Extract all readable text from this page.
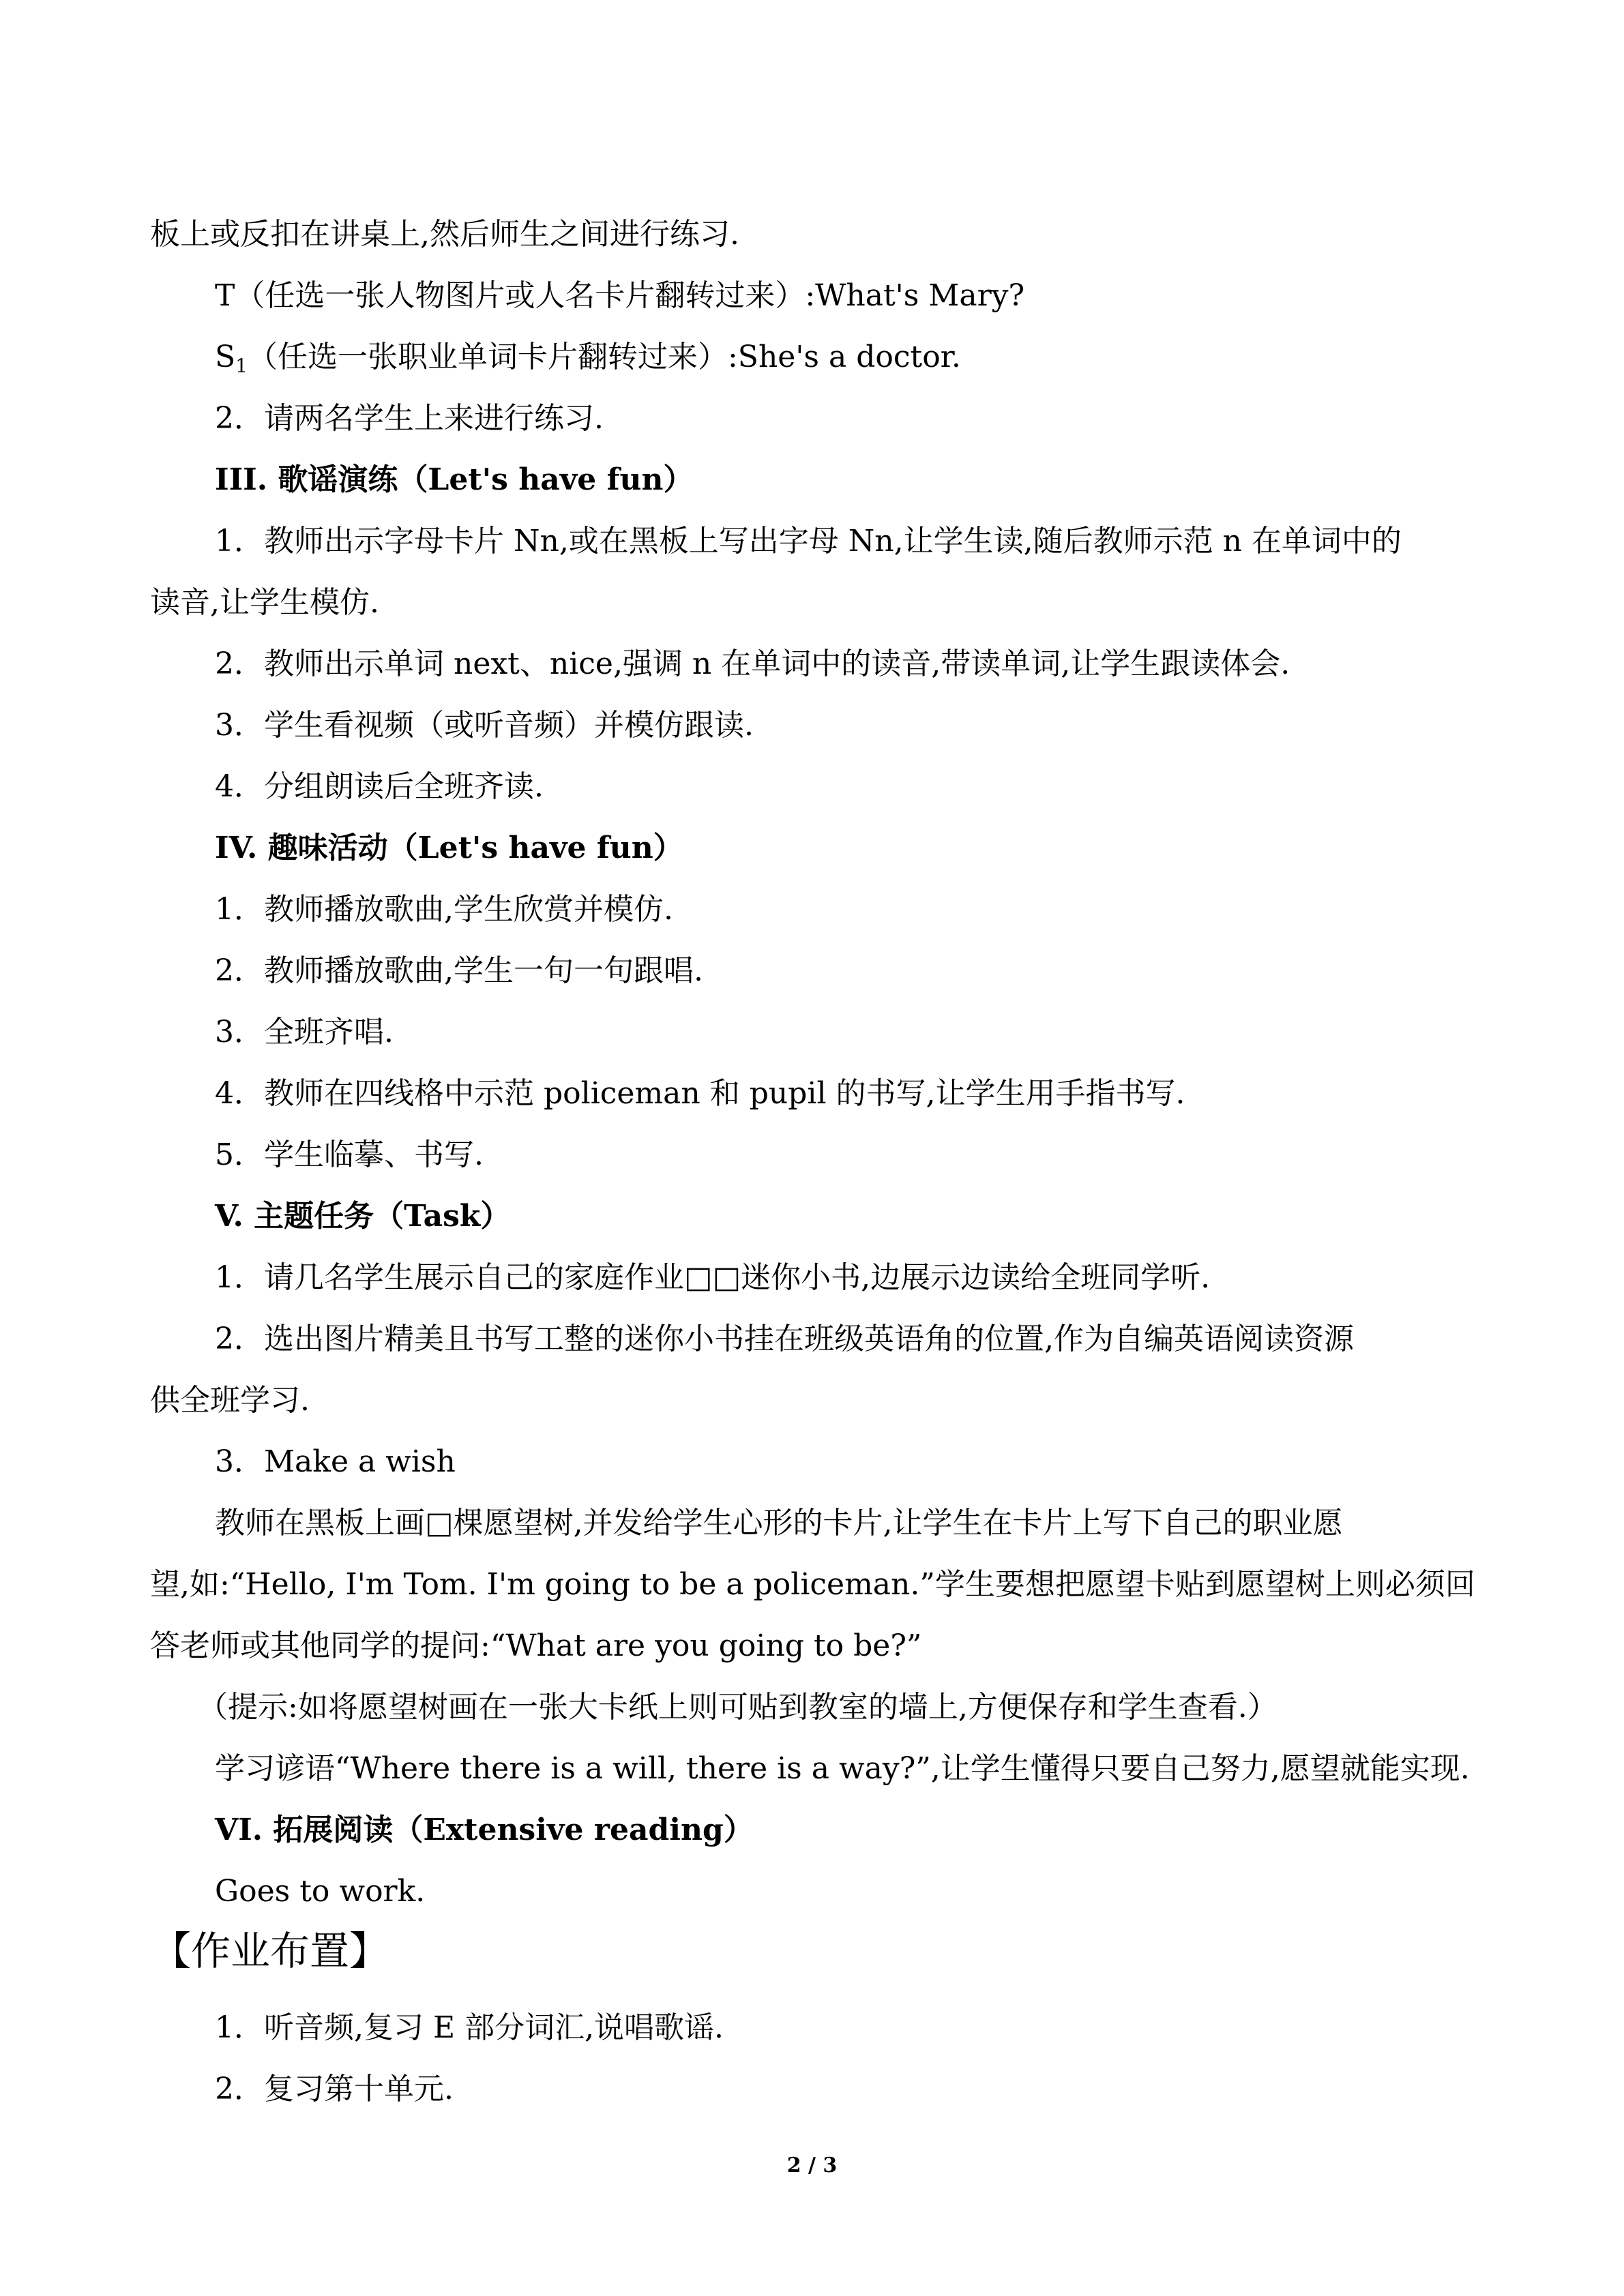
板上或反扣在讲桌上,然后师生之间进行练习.
T（任选一张人物图片或人名卡片翻转过来）:What's Mary?
$S_1$（任选一张职业单词卡片翻转过来）:She's a doctor.
2．请两名学生上来进行练习.
III. 歌谣演练（Let's have fun）
1．教师出示字母卡片 Nn,或在黑板上写出字母 Nn,让学生读,随后教师示范 n 在单词中的
读音,让学生模仿.
2．教师出示单词 next、nice,强调 n 在单词中的读音,带读单词,让学生跟读体会.
3．学生看视频（或听音频）并模仿跟读.
4．分组朗读后全班齐读.
IV. 趣味活动（Let's have fun）
1．教师播放歌曲,学生欣赏并模仿.
2．教师播放歌曲,学生一句一句跟唱.
3．全班齐唱.
4．教师在四线格中示范 policeman 和 pupil 的书写,让学生用手指书写.
5．学生临摹、书写.
V. 主题任务（Task）
1．请几名学生展示自己的家庭作业□□迷你小书,边展示边读给全班同学听.
2．选出图片精美且书写工整的迷你小书挂在班级英语角的位置,作为自编英语阅读资源
供全班学习.
3．Make a wish
教师在黑板上画□棵愿望树,并发给学生心形的卡片,让学生在卡片上写下自己的职业愿
望,如:“Hello, I'm Tom. I'm going to be a policeman.”学生要想把愿望卡贴到愿望树上则必须回
答老师或其他同学的提问:“What are you going to be?”
（提示:如将愿望树画在一张大卡纸上则可贴到教室的墙上,方便保存和学生查看.）
学习谚语“Where there is a will, there is a way?”,让学生懂得只要自己努力,愿望就能实现.
VI. 拓展阅读（Extensive reading）
Goes to work.
【作业布置】
1．听音频,复习 E 部分词汇,说唱歌谣.
2．复习第十单元.
2 / 3
